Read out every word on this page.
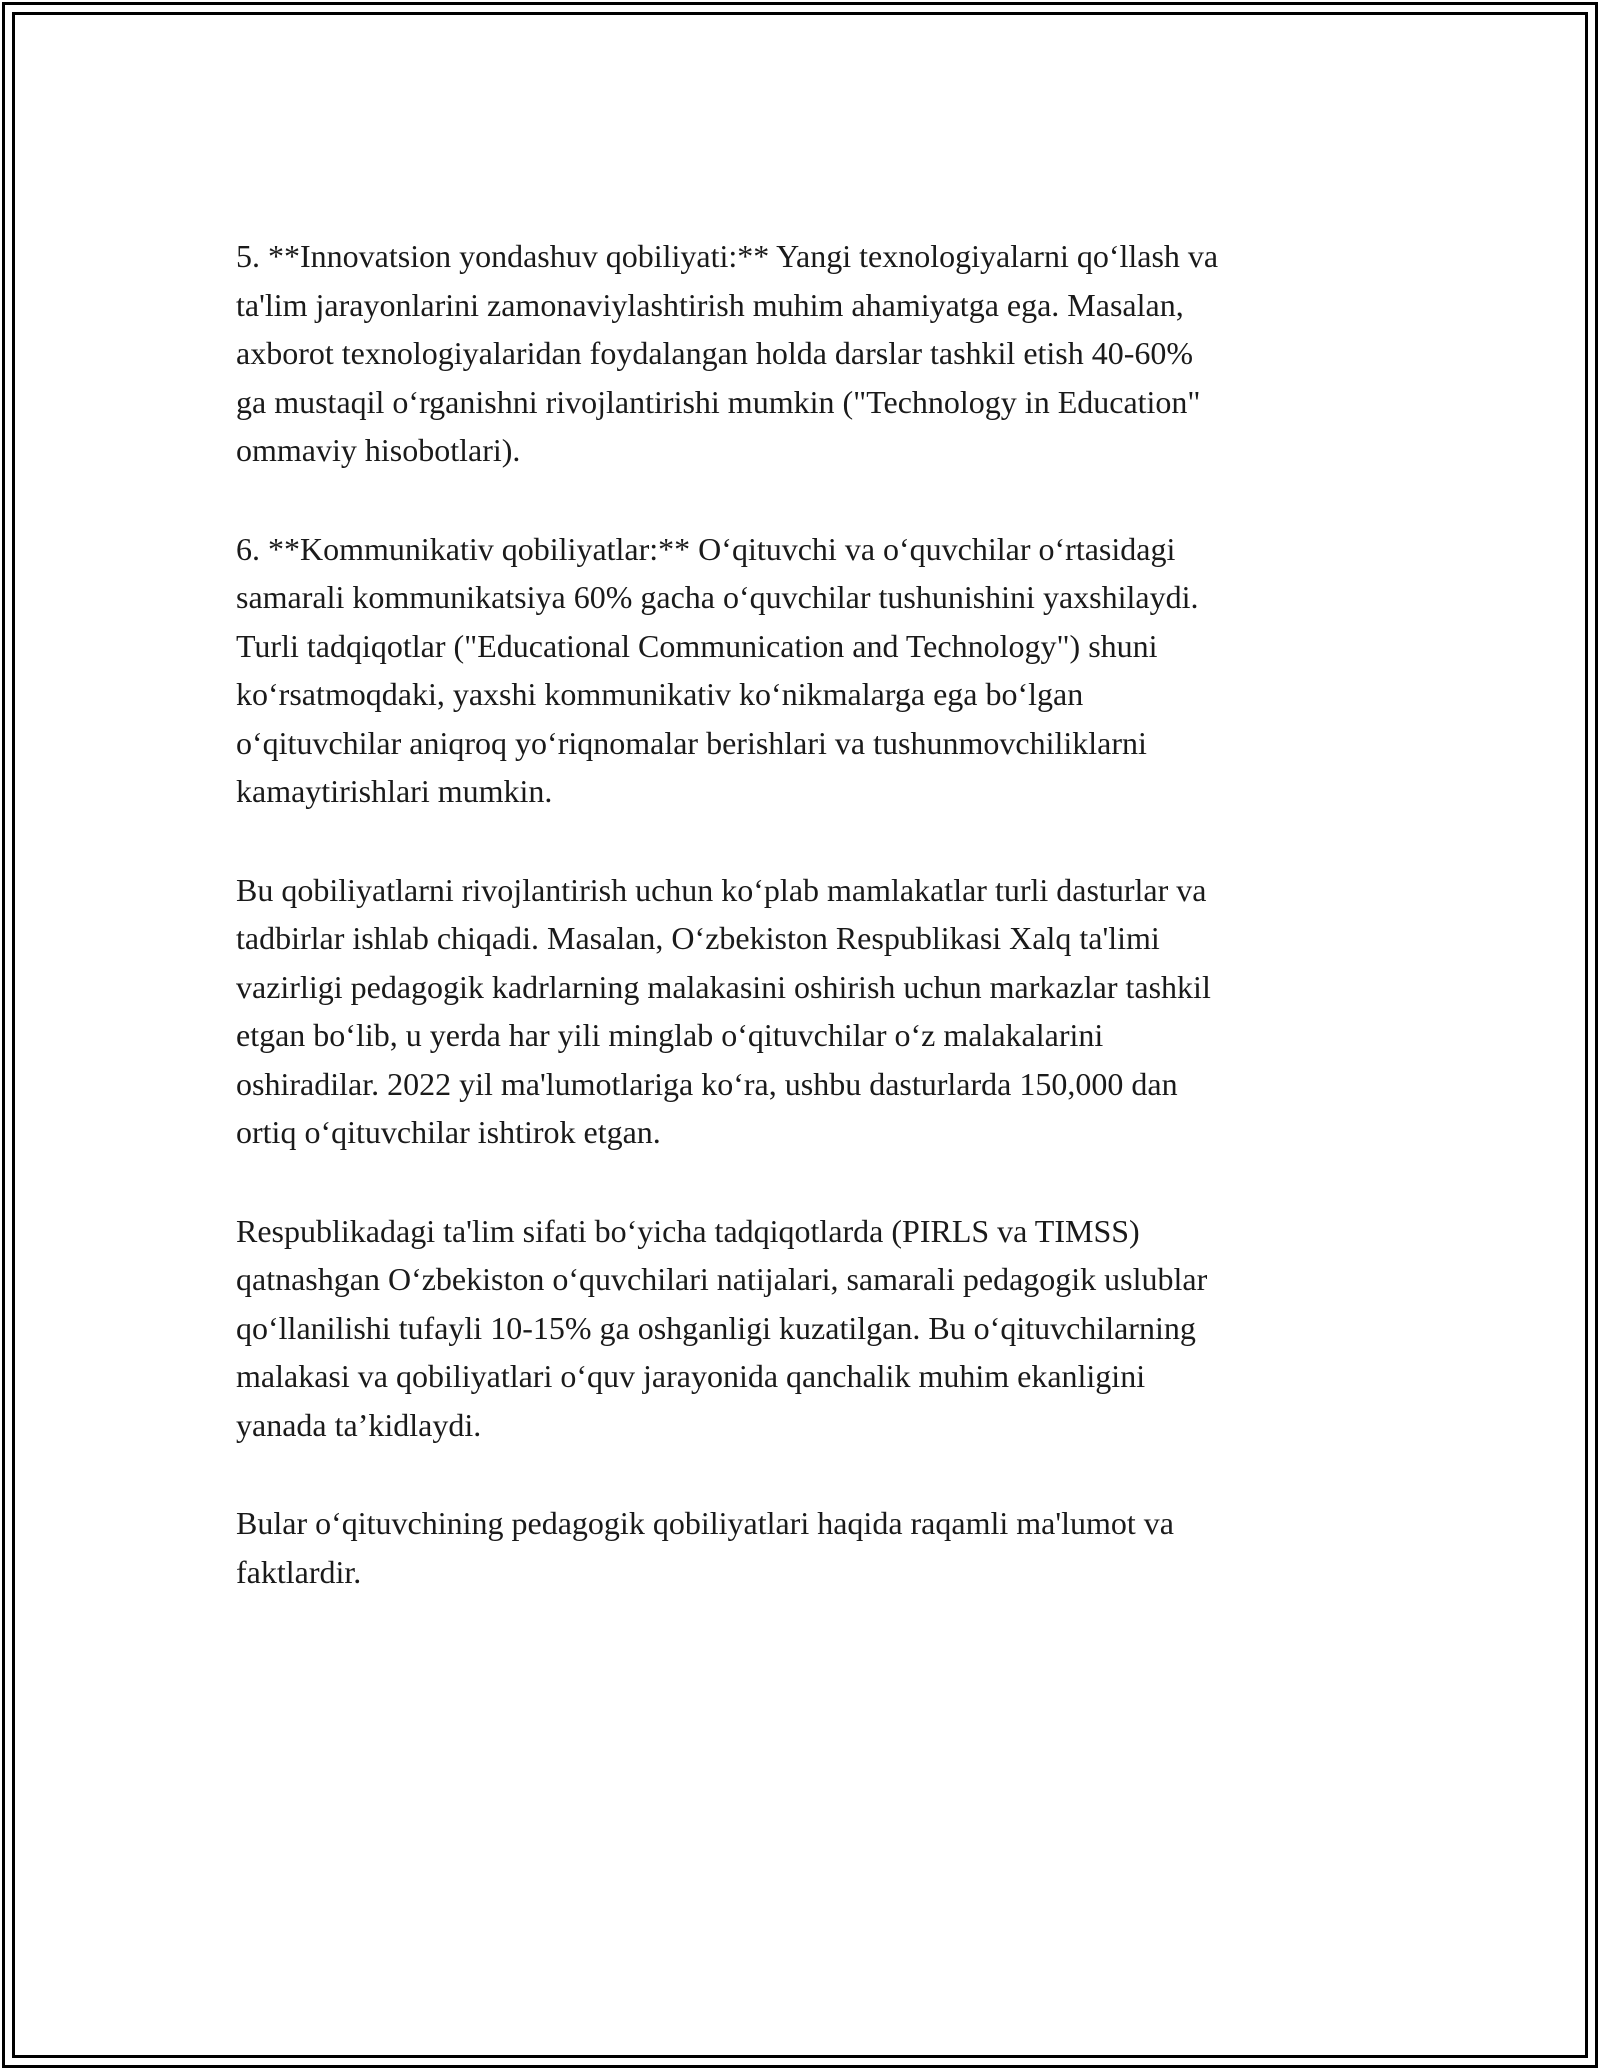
5. **Innovatsion yondashuv qobiliyati:** Yangi texnologiyalarni qo‘llash va
ta'lim jarayonlarini zamonaviylashtirish muhim ahamiyatga ega. Masalan,
axborot texnologiyalaridan foydalangan holda darslar tashkil etish 40-60%
ga mustaqil o‘rganishni rivojlantirishi mumkin ("Technology in Education"
ommaviy hisobotlari).

6. **Kommunikativ qobiliyatlar:** O‘qituvchi va o‘quvchilar o‘rtasidagi
samarali kommunikatsiya 60% gacha o‘quvchilar tushunishini yaxshilaydi.
Turli tadqiqotlar ("Educational Communication and Technology") shuni
ko‘rsatmoqdaki, yaxshi kommunikativ ko‘nikmalarga ega bo‘lgan
o‘qituvchilar aniqroq yo‘riqnomalar berishlari va tushunmovchiliklarni
kamaytirishlari mumkin.

Bu qobiliyatlarni rivojlantirish uchun ko‘plab mamlakatlar turli dasturlar va
tadbirlar ishlab chiqadi. Masalan, O‘zbekiston Respublikasi Xalq ta'limi
vazirligi pedagogik kadrlarning malakasini oshirish uchun markazlar tashkil
etgan bo‘lib, u yerda har yili minglab o‘qituvchilar o‘z malakalarini
oshiradilar. 2022 yil ma'lumotlariga ko‘ra, ushbu dasturlarda 150,000 dan
ortiq o‘qituvchilar ishtirok etgan.

Respublikadagi ta'lim sifati bo‘yicha tadqiqotlarda (PIRLS va TIMSS)
qatnashgan O‘zbekiston o‘quvchilari natijalari, samarali pedagogik uslublar
qo‘llanilishi tufayli 10-15% ga oshganligi kuzatilgan. Bu o‘qituvchilarning
malakasi va qobiliyatlari o‘quv jarayonida qanchalik muhim ekanligini
yanada ta’kidlaydi.

Bular o‘qituvchining pedagogik qobiliyatlari haqida raqamli ma'lumot va
faktlardir.
